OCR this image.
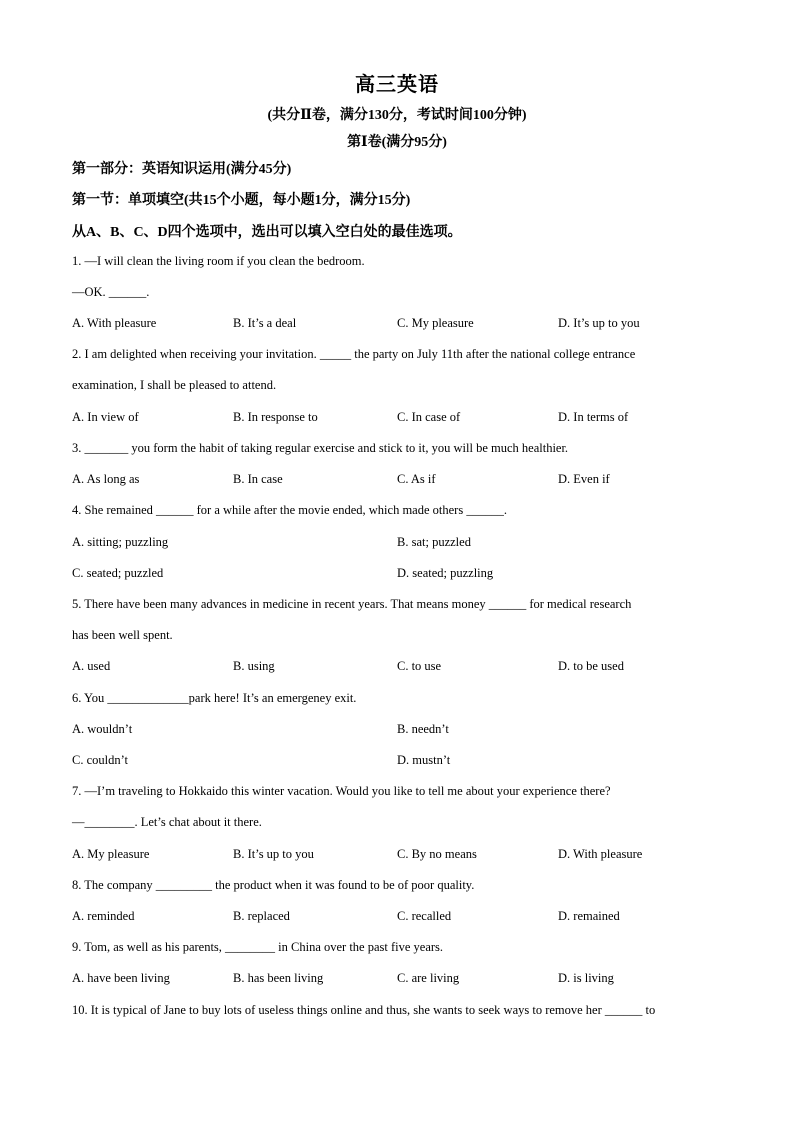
高三英语
(共分Ⅱ卷，满分130分，考试时间100分钟)
第Ⅰ卷(满分95分)
第一部分：英语知识运用(满分45分)
第一节：单项填空(共15个小题，每小题1分，满分15分)
从A、B、C、D四个选项中，选出可以填入空白处的最佳选项。
1. —I will clean the living room if you clean the bedroom.
—OK. ______.
A. With pleasure	B. It’s a deal	C. My pleasure	D. It’s up to you
2. I am delighted when receiving your invitation. _____ the party on July 11th after the national college entrance
examination, I shall be pleased to attend.
A. In view of	B. In response to	C. In case of	D. In terms of
3. _______ you form the habit of taking regular exercise and stick to it, you will be much healthier.
A. As long as	B. In case	C. As if	D. Even if
4. She remained ______ for a while after the movie ended, which made others ______.
A. sitting; puzzling	B. sat; puzzled
C. seated; puzzled	D. seated; puzzling
5. There have been many advances in medicine in recent years. That means money ______ for medical research
has been well spent.
A. used	B. using	C. to use	D. to be used
6. You _____________park here! It’s an emergeney exit.
A. wouldn’t	B. needn’t
C. couldn’t	D. mustn’t
7. —I’m traveling to Hokkaido this winter vacation. Would you like to tell me about your experience there?
—________. Let’s chat about it there.
A. My pleasure	B. It’s up to you	C. By no means	D. With pleasure
8. The company _________ the product when it was found to be of poor quality.
A. reminded	B. replaced	C. recalled	D. remained
9. Tom, as well as his parents, ________ in China over the past five years.
A. have been living	B. has been living	C. are living	D. is living
10. It is typical of Jane to buy lots of useless things online and thus, she wants to seek ways to remove her ______ to
